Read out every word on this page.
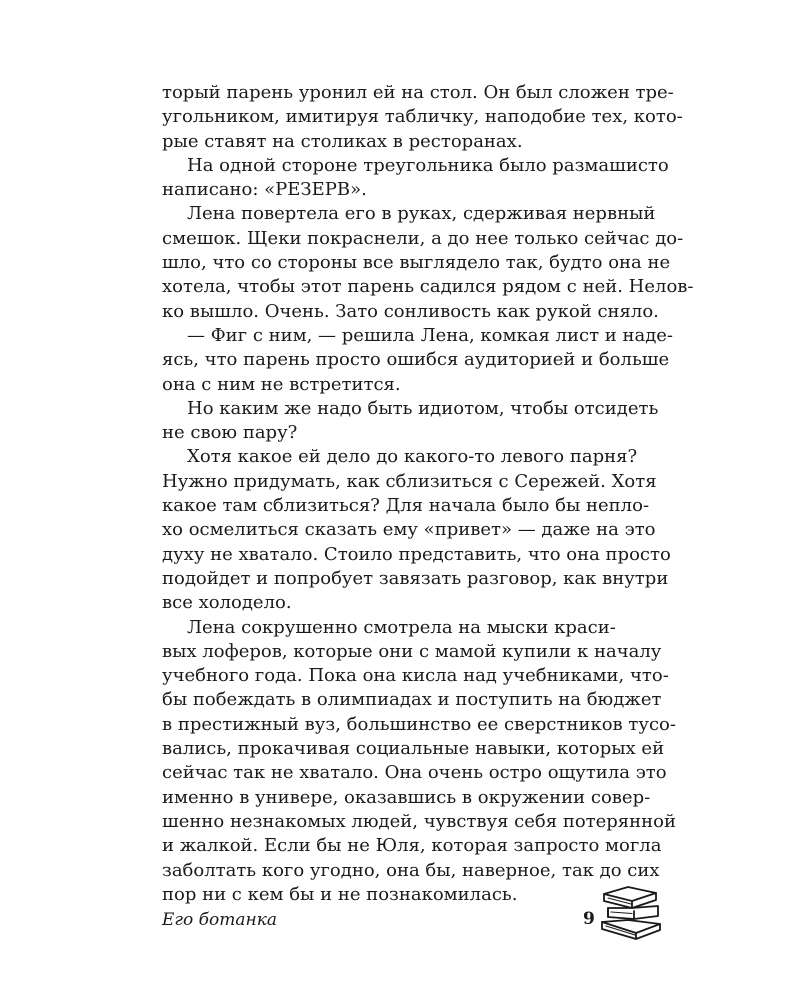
торый парень уронил ей на стол. Он был сложен тре-
угольником, имитируя табличку, наподобие тех, кото-
рые ставят на столиках в ресторанах.
На одной стороне треугольника было размашисто
написано: «РЕЗЕРВ».
Лена повертела его в руках, сдерживая нервный
смешок. Щеки покраснели, а до нее только сейчас до-
шло, что со стороны все выглядело так, будто она не
хотела, чтобы этот парень садился рядом с ней. Нелов-
ко вышло. Очень. Зато сонливость как рукой сняло.
— Фиг с ним, — решила Лена, комкая лист и наде-
ясь, что парень просто ошибся аудиторией и больше
она с ним не встретится.
Но каким же надо быть идиотом, чтобы отсидеть
не свою пару?
Хотя какое ей дело до какого-то левого парня?
Нужно придумать, как сблизиться с Сережей. Хотя
какое там сблизиться? Для начала было бы непло-
хо осмелиться сказать ему «привет» — даже на это
духу не хватало. Стоило представить, что она просто
подойдет и попробует завязать разговор, как внутри
все холодело.
Лена сокрушенно смотрела на мыски краси-
вых лоферов, которые они с мамой купили к началу
учебного года. Пока она кисла над учебниками, что-
бы побеждать в олимпиадах и поступить на бюджет
в престижный вуз, большинство ее сверстников тусо-
вались, прокачивая социальные навыки, которых ей
сейчас так не хватало. Она очень остро ощутила это
именно в универе, оказавшись в окружении совер-
шенно незнакомых людей, чувствуя себя потерянной
и жалкой. Если бы не Юля, которая запросто могла
заболтать кого угодно, она бы, наверное, так до сих
пор ни с кем бы и не познакомилась.
Его ботанка	9
